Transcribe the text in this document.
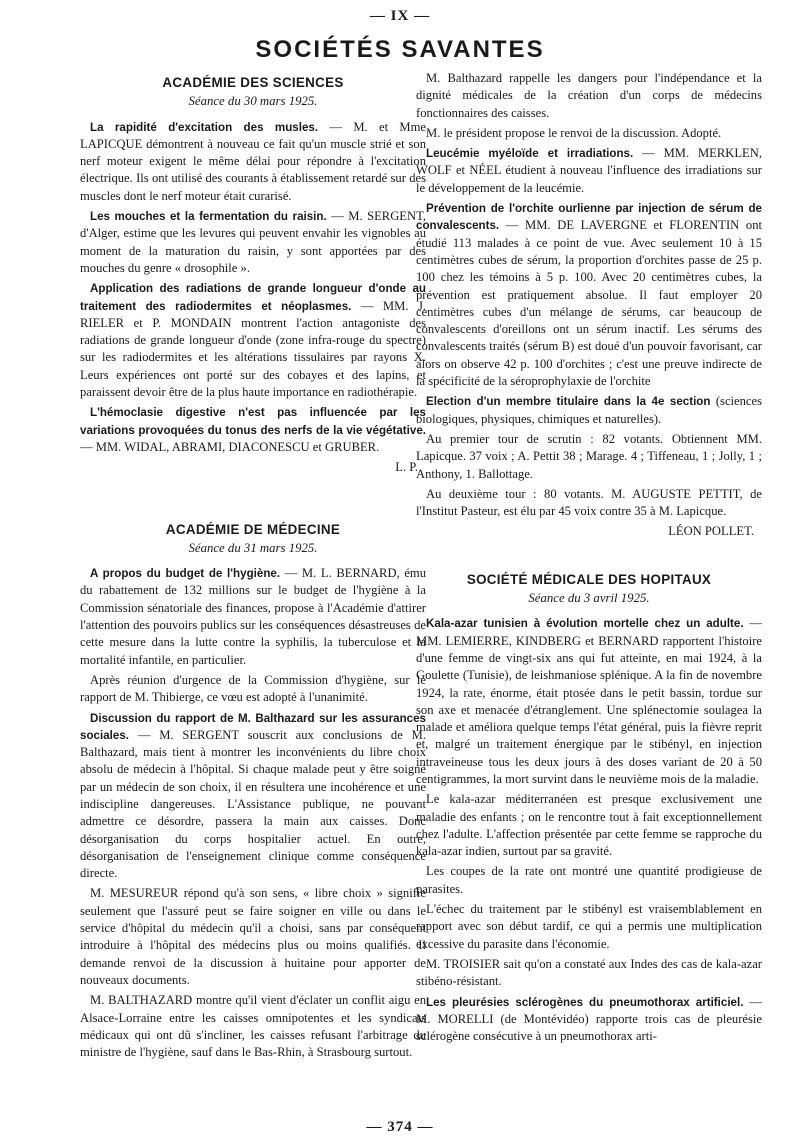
— IX —
SOCIÉTÉS SAVANTES
ACADÉMIE DES SCIENCES
Séance du 30 mars 1925.

La rapidité d'excitation des musles. — M. et Mme LAPICQUE démontrent à nouveau ce fait qu'un muscle strié et son nerf moteur exigent le même délai pour répondre à l'excitation électrique. Ils ont utilisé des courants à établissement retardé sur des muscles dont le nerf moteur était curarisé.

Les mouches et la fermentation du raisin. — M. SERGENT, d'Alger, estime que les levures qui peuvent envahir les vignobles au moment de la maturation du raisin, y sont apportées par des mouches du genre « drosophile ».

Application des radiations de grande longueur d'onde au traitement des radiodermites et néoplasmes. — MM. J. RIELER et P. MONDAIN montrent l'action antagoniste des radiations de grande longueur d'onde (zone infra-rouge du spectre) sur les radiodermites et les altérations tissulaires par rayons X. Leurs expériences ont porté sur des cobayes et des lapins, et paraissent devoir être de la plus haute importance en radiothérapie.

L'hémoclasie digestive n'est pas influencée par les variations provoquées du tonus des nerfs de la vie végétative. — MM. WIDAL, ABRAMI, DIACONESCU et GRUBER.

L. P.
ACADÉMIE DE MÉDECINE
Séance du 31 mars 1925.

A propos du budget de l'hygiène. — M. L. BERNARD, ému du rabattement de 132 millions sur le budget de l'hygiène à la Commission sénatoriale des finances, propose à l'Académie d'attirer l'attention des pouvoirs publics sur les conséquences désastreuses de cette mesure dans la lutte contre la syphilis, la tuberculose et la mortalité infantile, en particulier.

Après réunion d'urgence de la Commission d'hygiène, sur le rapport de M. Thibierge, ce vœu est adopté à l'unanimité.

Discussion du rapport de M. Balthazard sur les assurances sociales. — M. SERGENT souscrit aux conclusions de M. Balthazard, mais tient à montrer les inconvénients du libre choix absolu de médecin à l'hôpital. Si chaque malade peut y être soigné par un médecin de son choix, il en résultera une incohérence et une indiscipline dangereuses. L'Assistance publique, ne pouvant admettre ce désordre, passera la main aux caisses. Donc désorganisation du corps hospitalier actuel. En outre, désorganisation de l'enseignement clinique comme conséquence directe.

M. MESUREUR répond qu'à son sens, « libre choix » signifie seulement que l'assuré peut se faire soigner en ville ou dans le service d'hôpital du médecin qu'il a choisi, sans par conséquent introduire à l'hôpital des médecins plus ou moins qualifiés. Il demande renvoi de la discussion à huitaine pour apporter de nouveaux documents.

M. BALTHAZARD montre qu'il vient d'éclater un conflit aigu en Alsace-Lorraine entre les caisses omnipotentes et les syndicats médicaux qui ont dû s'incliner, les caisses refusant l'arbitrage du ministre de l'hygiène, sauf dans le Bas-Rhin, à Strasbourg surtout.

M. Balthazard rappelle les dangers pour l'indépendance et la dignité médicales de la création d'un corps de médecins fonctionnaires des caisses.

M. le président propose le renvoi de la discussion. Adopté.

Leucémie myéloïde et irradiations. — MM. MERKLEN, WOLF et NÉEL étudient à nouveau l'influence des irradiations sur le développement de la leucémie.

Prévention de l'orchite ourlienne par injection de sérum de convalescents. — MM. DE LAVERGNE et FLORENTIN ont étudié 113 malades à ce point de vue. Avec seulement 10 à 15 centimètres cubes de sérum, la proportion d'orchites passe de 25 p. 100 chez les témoins à 5 p. 100. Avec 20 centimètres cubes, la prévention est pratiquement absolue. Il faut employer 20 centimètres cubes d'un mélange de sérums, car beaucoup de convalescents d'oreillons ont un sérum inactif. Les sérums des convalescents traités (sérum B) est doué d'un pouvoir favorisant, car alors on observe 42 p. 100 d'orchites ; c'est une preuve indirecte de la spécificité de la séroprophylaxie de l'orchite

Election d'un membre titulaire dans la 4e section (sciences biologiques, physiques, chimiques et naturelles).

Au premier tour de scrutin : 82 votants. Obtiennent MM. Lapicque. 37 voix ; A. Pettit 38 ; Marage. 4 ; Tiffeneau, 1 ; Jolly, 1 ; Anthony, 1. Ballottage.

Au deuxième tour : 80 votants. M. AUGUSTE PETTIT, de l'Institut Pasteur, est élu par 45 voix contre 35 à M. Lapicque.

LÉON POLLET.
SOCIÉTÉ MÉDICALE DES HOPITAUX
Séance du 3 avril 1925.

Kala-azar tunisien à évolution mortelle chez un adulte. — MM. LEMIERRE, KINDBERG et BERNARD rapportent l'histoire d'une femme de vingt-six ans qui fut atteinte, en mai 1924, à la Goulette (Tunisie), de leishmaniose splénique. A la fin de novembre 1924, la rate, énorme, était ptosée dans le petit bassin, tordue sur son axe et menacée d'étranglement. Une splénectomie soulagea la malade et améliora quelque temps l'état général, puis la fièvre reprit et, malgré un traitement énergique par le stibényl, en injection intraveineuse tous les deux jours à des doses variant de 20 à 50 centigrammes, la mort survint dans le neuvième mois de la maladie.

Le kala-azar méditerranéen est presque exclusivement une maladie des enfants ; on le rencontre tout à fait exceptionnellement chez l'adulte. L'affection présentée par cette femme se rapproche du kala-azar indien, surtout par sa gravité.

Les coupes de la rate ont montré une quantité prodigieuse de parasites.

L'échec du traitement par le stibényl est vraisemblablement en rapport avec son début tardif, ce qui a permis une multiplication excessive du parasite dans l'économie.

M. TROISIER sait qu'on a constaté aux Indes des cas de kala-azar stibéno-résistant.

Les pleurésies sclérogènes du pneumothorax artificiel. — M. MORELLI (de Montévidéo) rapporte trois cas de pleurésie sclérogène consécutive à un pneumothorax arti-

— 374 —
